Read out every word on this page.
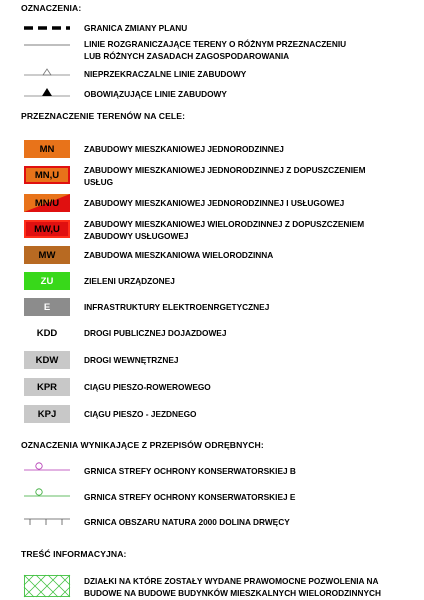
OZNACZENIA:
PRZEZNACZENIE TERENÓW NA CELE:
OZNACZENIA WYNIKAJĄCE Z PRZEPISÓW ODRĘBNYCH:
TREŚĆ INFORMACYJNA:
GRANICA ZMIANY PLANU
LINIE ROZGRANICZAJĄCE TERENY O RÓŻNYM PRZEZNACZENIU
LUB RÓŻNYCH ZASADACH ZAGOSPODAROWANIA
NIEPRZEKRACZALNE LINIE ZABUDOWY
OBOWIĄZUJĄCE LINIE ZABUDOWY
MN	ZABUDOWY MIESZKANIOWEJ JEDNORODZINNEJ
MN,U	ZABUDOWY MIESZKANIOWEJ JEDNORODZINNEJ Z DOPUSZCZENIEM
USŁUG
MN/U	ZABUDOWY MIESZKANIOWEJ JEDNORODZINNEJ I USŁUGOWEJ
MW,U	ZABUDOWY MIESZKANIOWEJ WIELORODZINNEJ Z DOPUSZCZENIEM
ZABUDOWY USŁUGOWEJ
MW	ZABUDOWA MIESZKANIOWA WIELORODZINNA
ZU	ZIELENI URZĄDZONEJ
E	INFRASTRUKTURY ELEKTROENRGETYCZNEJ
KDD	DROGI PUBLICZNEJ DOJAZDOWEJ
KDW	DROGI WEWNĘTRZNEJ
KPR	CIĄGU PIESZO-ROWEROWEGO
KPJ	CIĄGU PIESZO - JEZDNEGO
GRNICA STREFY OCHRONY KONSERWATORSKIEJ B
GRNICA STREFY OCHRONY KONSERWATORSKIEJ E
GRNICA OBSZARU NATURA 2000 DOLINA DRWĘCY
DZIAŁKI NA KTÓRE ZOSTAŁY WYDANE PRAWOMOCNE POZWOLENIA NA
BUDOWE NA BUDOWE BUDYNKÓW MIESZKALNYCH WIELORODZINNYCH
